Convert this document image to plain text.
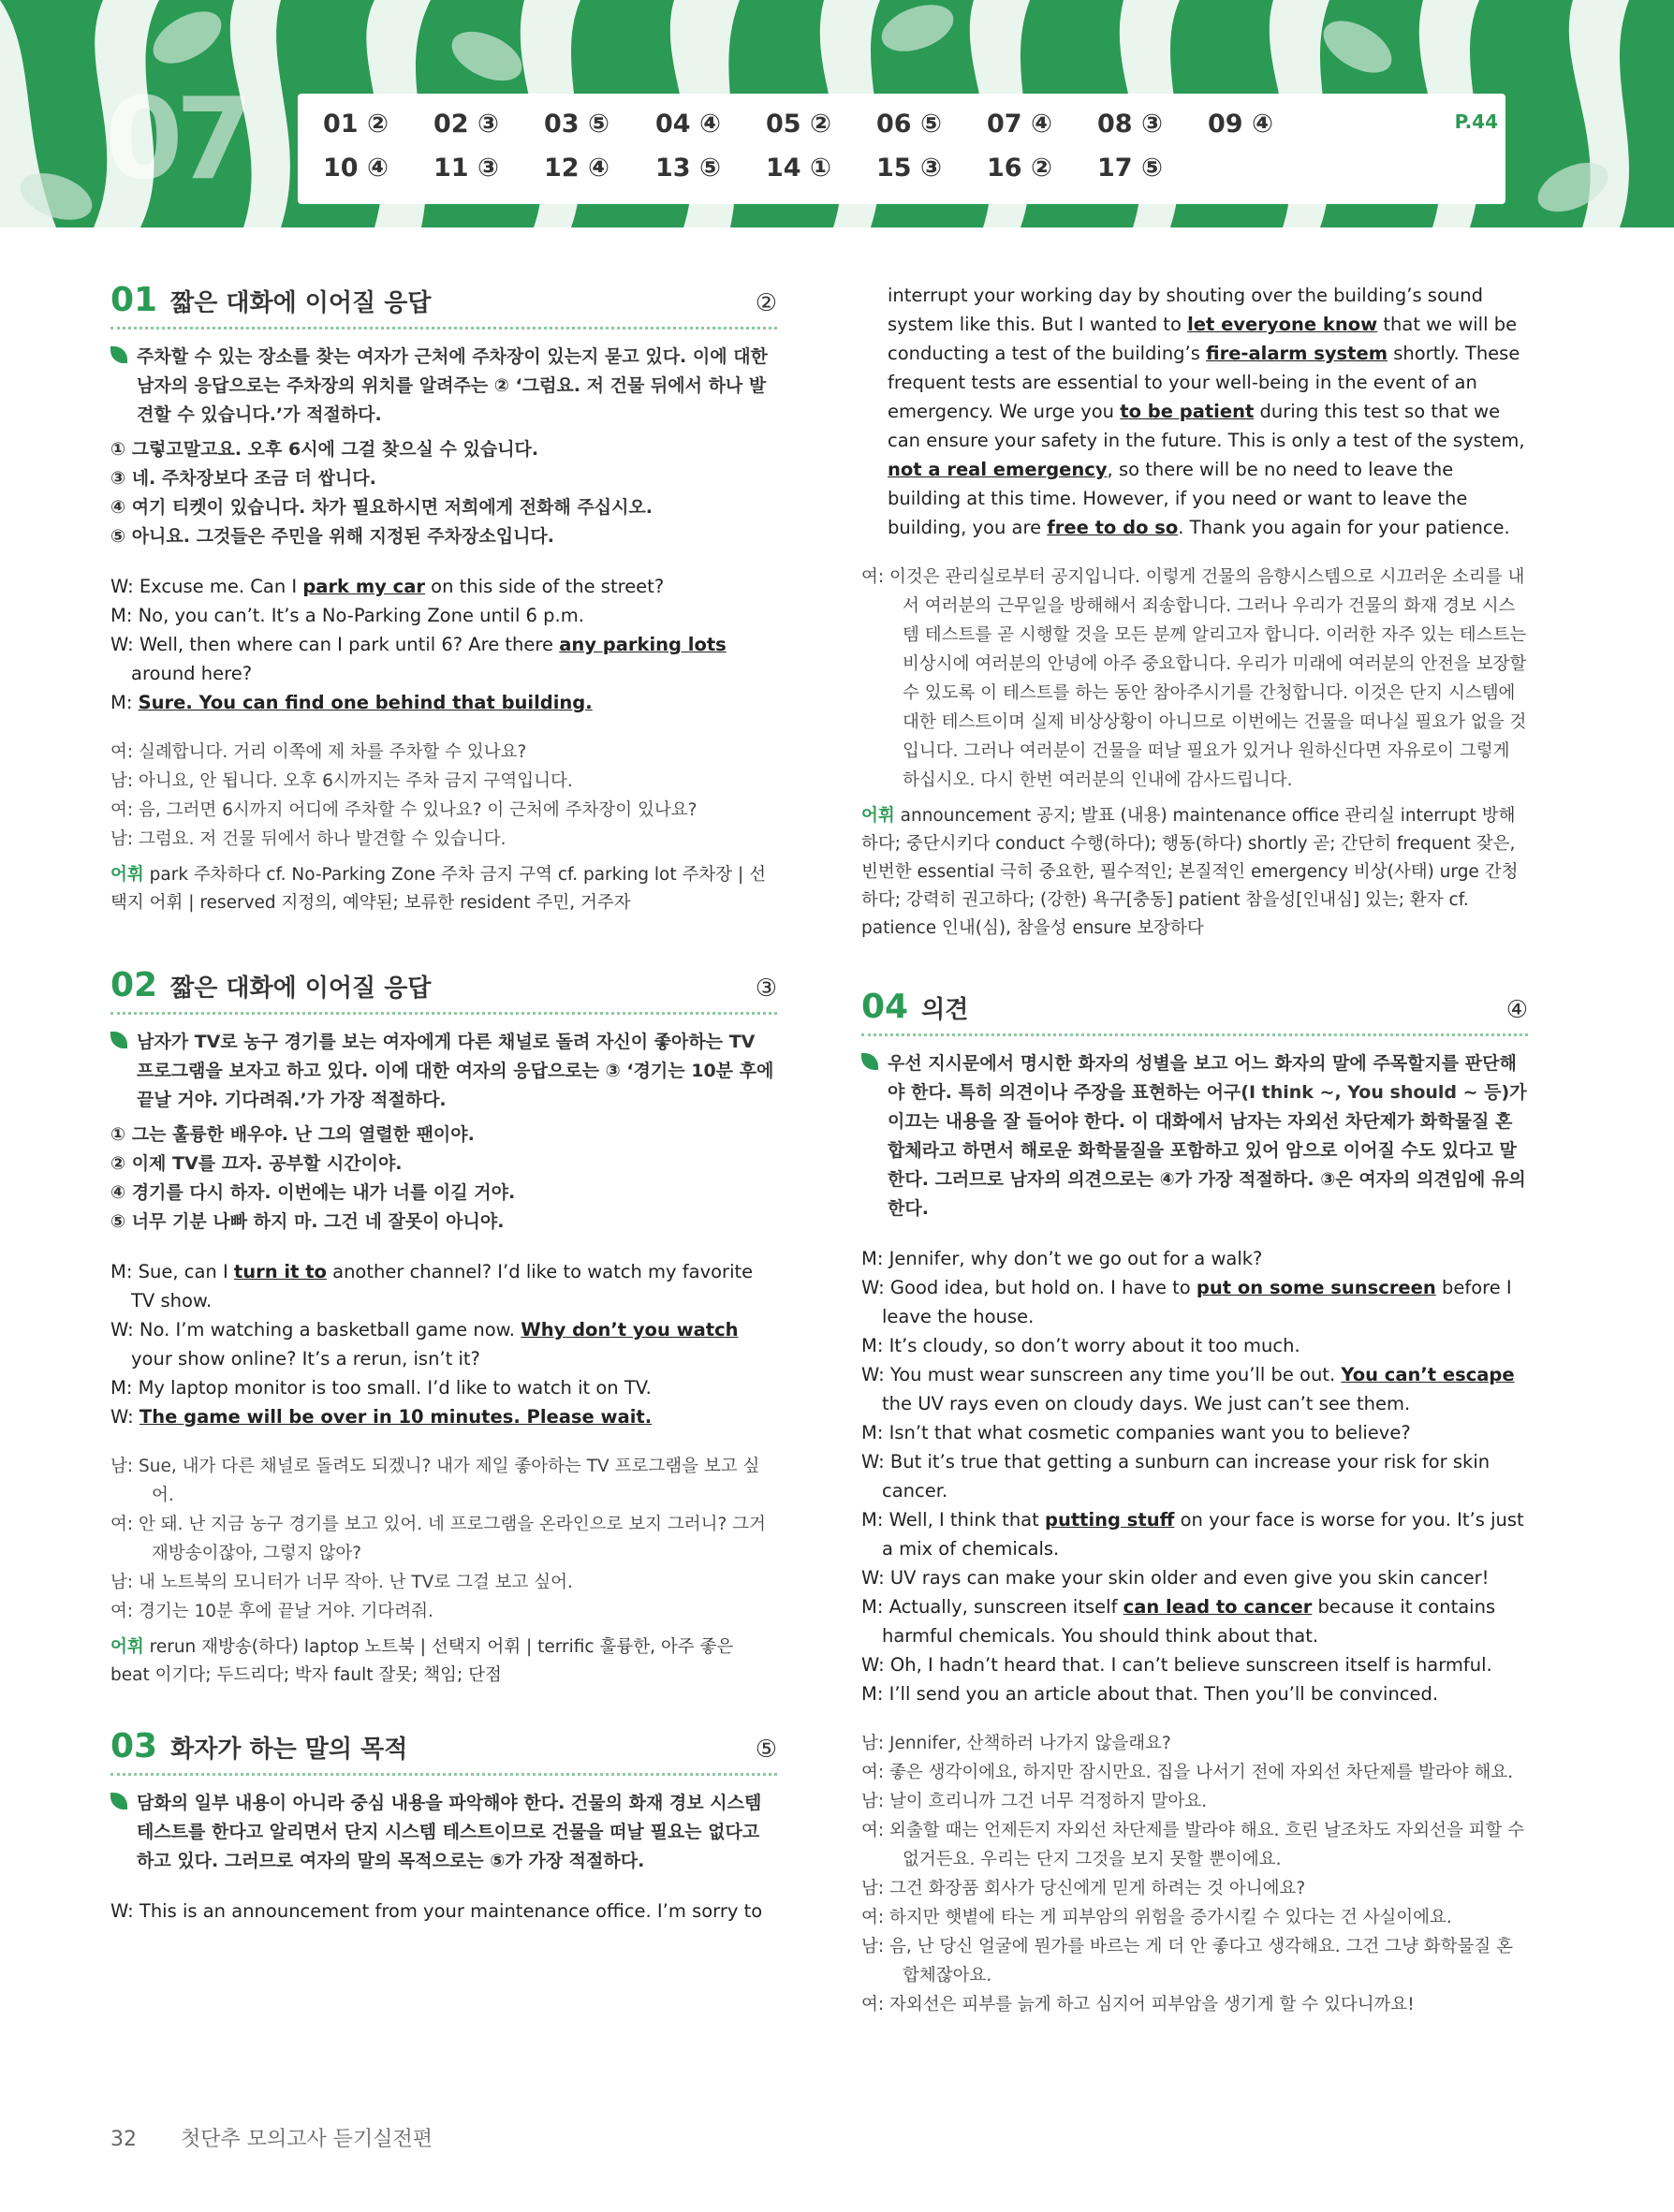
07	01 ② 02 ③ 03 ⑤ 04 ④ 05 ② 06 ⑤ 07 ④ 08 ③ 09 ④
10 ④ 11 ③ 12 ④ 13 ⑤ 14 ① 15 ③ 16 ② 17 ⑤
P.44
01 짧은 대화에 이어질 응답	②
주차할 수 있는 장소를 찾는 여자가 근처에 주차장이 있는지 묻고 있다. 이에 대한 남자의 응답으로는 주차장의 위치를 알려주는 ② ‘그럼요. 저 건물 뒤에서 하나 발견할 수 있습니다.’가 적절하다.
① 그렇고말고요. 오후 6시에 그걸 찾으실 수 있습니다.
③ 네. 주차장보다 조금 더 쌉니다.
④ 여기 티켓이 있습니다. 차가 필요하시면 저희에게 전화해 주십시오.
⑤ 아니요. 그것들은 주민을 위해 지정된 주차장소입니다.
W: Excuse me. Can I park my car on this side of the street?
M: No, you can’t. It’s a No-Parking Zone until 6 p.m.
W: Well, then where can I park until 6? Are there any parking lots around here?
M: Sure. You can find one behind that building.
여: 실례합니다. 거리 이쪽에 제 차를 주차할 수 있나요?
남: 아니요, 안 됩니다. 오후 6시까지는 주차 금지 구역입니다.
여: 음, 그러면 6시까지 어디에 주차할 수 있나요? 이 근처에 주차장이 있나요?
남: 그럼요. 저 건물 뒤에서 하나 발견할 수 있습니다.
어휘 park 주차하다 cf. No-Parking Zone 주차 금지 구역 cf. parking lot 주차장 | 선택지 어휘 | reserved 지정의, 예약된; 보류한 resident 주민, 거주자
02 짧은 대화에 이어질 응답	③
남자가 TV로 농구 경기를 보는 여자에게 다른 채널로 돌려 자신이 좋아하는 TV 프로그램을 보자고 하고 있다. 이에 대한 여자의 응답으로는 ③ ‘경기는 10분 후에 끝날 거야. 기다려줘.’가 가장 적절하다.
① 그는 훌륭한 배우야. 난 그의 열렬한 팬이야.
② 이제 TV를 끄자. 공부할 시간이야.
④ 경기를 다시 하자. 이번에는 내가 너를 이길 거야.
⑤ 너무 기분 나빠 하지 마. 그건 네 잘못이 아니야.
M: Sue, can I turn it to another channel? I’d like to watch my favorite TV show.
W: No. I’m watching a basketball game now. Why don’t you watch your show online? It’s a rerun, isn’t it?
M: My laptop monitor is too small. I’d like to watch it on TV.
W: The game will be over in 10 minutes. Please wait.
남: Sue, 내가 다른 채널로 돌려도 되겠니? 내가 제일 좋아하는 TV 프로그램을 보고 싶어.
여: 안 돼. 난 지금 농구 경기를 보고 있어. 네 프로그램을 온라인으로 보지 그러니? 그거 재방송이잖아, 그렇지 않아?
남: 내 노트북의 모니터가 너무 작아. 난 TV로 그걸 보고 싶어.
여: 경기는 10분 후에 끝날 거야. 기다려줘.
어휘 rerun 재방송(하다) laptop 노트북 | 선택지 어휘 | terrific 훌륭한, 아주 좋은 beat 이기다; 두드리다; 박자 fault 잘못; 책임; 단점
03 화자가 하는 말의 목적	⑤
담화의 일부 내용이 아니라 중심 내용을 파악해야 한다. 건물의 화재 경보 시스템 테스트를 한다고 알리면서 단지 시스템 테스트이므로 건물을 떠날 필요는 없다고 하고 있다. 그러므로 여자의 말의 목적으로는 ⑤가 가장 적절하다.
W: This is an announcement from your maintenance office. I’m sorry to
interrupt your working day by shouting over the building’s sound system like this. But I wanted to let everyone know that we will be conducting a test of the building’s fire-alarm system shortly. These frequent tests are essential to your well-being in the event of an emergency. We urge you to be patient during this test so that we can ensure your safety in the future. This is only a test of the system, not a real emergency, so there will be no need to leave the building at this time. However, if you need or want to leave the building, you are free to do so. Thank you again for your patience.
여: 이것은 관리실로부터 공지입니다. 이렇게 건물의 음향시스템으로 시끄러운 소리를 내서 여러분의 근무일을 방해해서 죄송합니다. 그러나 우리가 건물의 화재 경보 시스템 테스트를 곧 시행할 것을 모든 분께 알리고자 합니다. 이러한 자주 있는 테스트는 비상시에 여러분의 안녕에 아주 중요합니다. 우리가 미래에 여러분의 안전을 보장할 수 있도록 이 테스트를 하는 동안 참아주시기를 간청합니다. 이것은 단지 시스템에 대한 테스트이며 실제 비상상황이 아니므로 이번에는 건물을 떠나실 필요가 없을 것입니다. 그러나 여러분이 건물을 떠날 필요가 있거나 원하신다면 자유로이 그렇게 하십시오. 다시 한번 여러분의 인내에 감사드립니다.
어휘 announcement 공지; 발표 (내용) maintenance office 관리실 interrupt 방해하다; 중단시키다 conduct 수행(하다); 행동(하다) shortly 곧; 간단히 frequent 잦은, 빈번한 essential 극히 중요한, 필수적인; 본질적인 emergency 비상(사태) urge 간청하다; 강력히 권고하다; (강한) 욕구[충동] patient 참을성[인내심] 있는; 환자 cf. patience 인내(심), 참을성 ensure 보장하다
04 의견	④
우선 지시문에서 명시한 화자의 성별을 보고 어느 화자의 말에 주목할지를 판단해야 한다. 특히 의견이나 주장을 표현하는 어구(I think ~, You should ~ 등)가 이끄는 내용을 잘 들어야 한다. 이 대화에서 남자는 자외선 차단제가 화학물질 혼합체라고 하면서 해로운 화학물질을 포함하고 있어 암으로 이어질 수도 있다고 말한다. 그러므로 남자의 의견으로는 ④가 가장 적절하다. ③은 여자의 의견임에 유의한다.
M: Jennifer, why don’t we go out for a walk?
W: Good idea, but hold on. I have to put on some sunscreen before I leave the house.
M: It’s cloudy, so don’t worry about it too much.
W: You must wear sunscreen any time you’ll be out. You can’t escape the UV rays even on cloudy days. We just can’t see them.
M: Isn’t that what cosmetic companies want you to believe?
W: But it’s true that getting a sunburn can increase your risk for skin cancer.
M: Well, I think that putting stuff on your face is worse for you. It’s just a mix of chemicals.
W: UV rays can make your skin older and even give you skin cancer!
M: Actually, sunscreen itself can lead to cancer because it contains harmful chemicals. You should think about that.
W: Oh, I hadn’t heard that. I can’t believe sunscreen itself is harmful.
M: I’ll send you an article about that. Then you’ll be convinced.
남: Jennifer, 산책하러 나가지 않을래요?
여: 좋은 생각이에요, 하지만 잠시만요. 집을 나서기 전에 자외선 차단제를 발라야 해요.
남: 날이 흐리니까 그건 너무 걱정하지 말아요.
여: 외출할 때는 언제든지 자외선 차단제를 발라야 해요. 흐린 날조차도 자외선을 피할 수 없거든요. 우리는 단지 그것을 보지 못할 뿐이에요.
남: 그건 화장품 회사가 당신에게 믿게 하려는 것 아니에요?
여: 하지만 햇볕에 타는 게 피부암의 위험을 증가시킬 수 있다는 건 사실이에요.
남: 음, 난 당신 얼굴에 뭔가를 바르는 게 더 안 좋다고 생각해요. 그건 그냥 화학물질 혼합체잖아요.
여: 자외선은 피부를 늙게 하고 심지어 피부암을 생기게 할 수 있다니까요!
32 첫단추 모의고사 듣기실전편
